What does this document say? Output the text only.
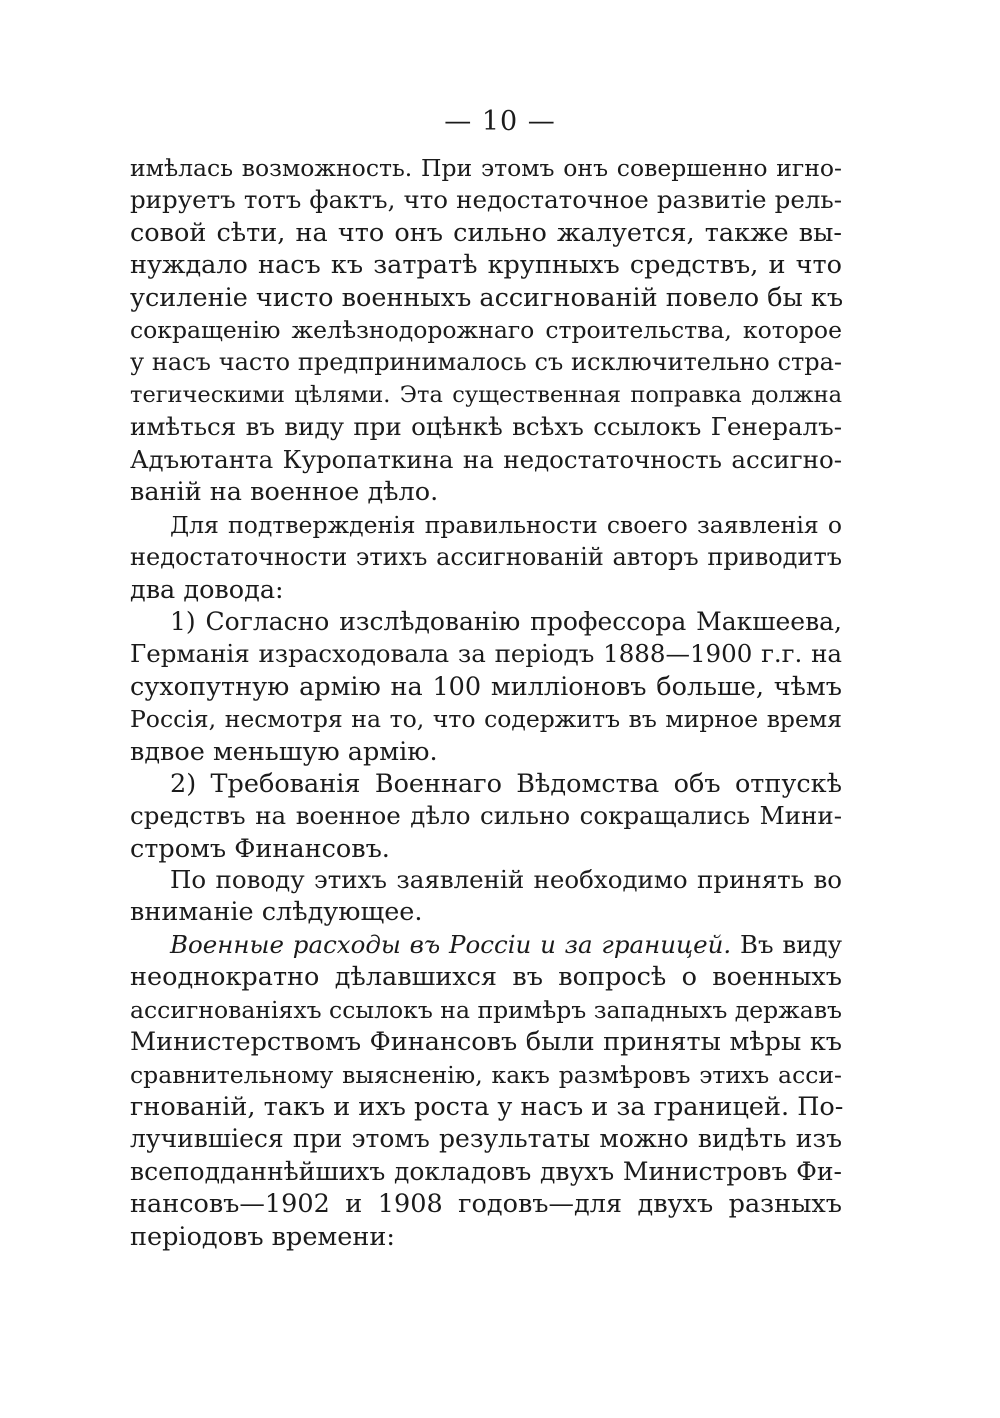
— 10 —
имѣлась возможность. При этомъ онъ совершенно игно-
рируетъ тотъ фактъ, что недостаточное развитіе рель-
совой сѣти, на что онъ сильно жалуется, также вы-
нуждало насъ къ затратѣ крупныхъ средствъ, и что
усиленіе чисто военныхъ ассигнованій повело бы къ
сокращенію желѣзнодорожнаго строительства, которое
у насъ часто предпринималось съ исключительно стра-
тегическими цѣлями. Эта существенная поправка должна
имѣться въ виду при оцѣнкѣ всѣхъ ссылокъ Генералъ-
Адъютанта Куропаткина на недостаточность ассигно-
ваній на военное дѣло.
Для подтвержденія правильности своего заявленія о
недостаточности этихъ ассигнованій авторъ приводитъ
два довода:
1) Согласно изслѣдованію профессора Макшеева,
Германія израсходовала за періодъ 1888—1900 г.г. на
сухопутную армію на 100 милліоновъ больше, чѣмъ
Россія, несмотря на то, что содержитъ въ мирное время
вдвое меньшую армію.
2) Требованія Военнаго Вѣдомства объ отпускѣ
средствъ на военное дѣло сильно сокращались Мини-
стромъ Финансовъ.
По поводу этихъ заявленій необходимо принять во
вниманіе слѣдующее.
Военные расходы въ Россіи и за границей. Въ виду
неоднократно дѣлавшихся въ вопросѣ о военныхъ
ассигнованіяхъ ссылокъ на примѣръ западныхъ державъ
Министерствомъ Финансовъ были приняты мѣры къ
сравнительному выясненію, какъ размѣровъ этихъ асси-
гнованій, такъ и ихъ роста у насъ и за границей. По-
лучившіеся при этомъ результаты можно видѣть изъ
всеподданнѣйшихъ докладовъ двухъ Министровъ Фи-
нансовъ—1902 и 1908 годовъ—для двухъ разныхъ
періодовъ времени:
